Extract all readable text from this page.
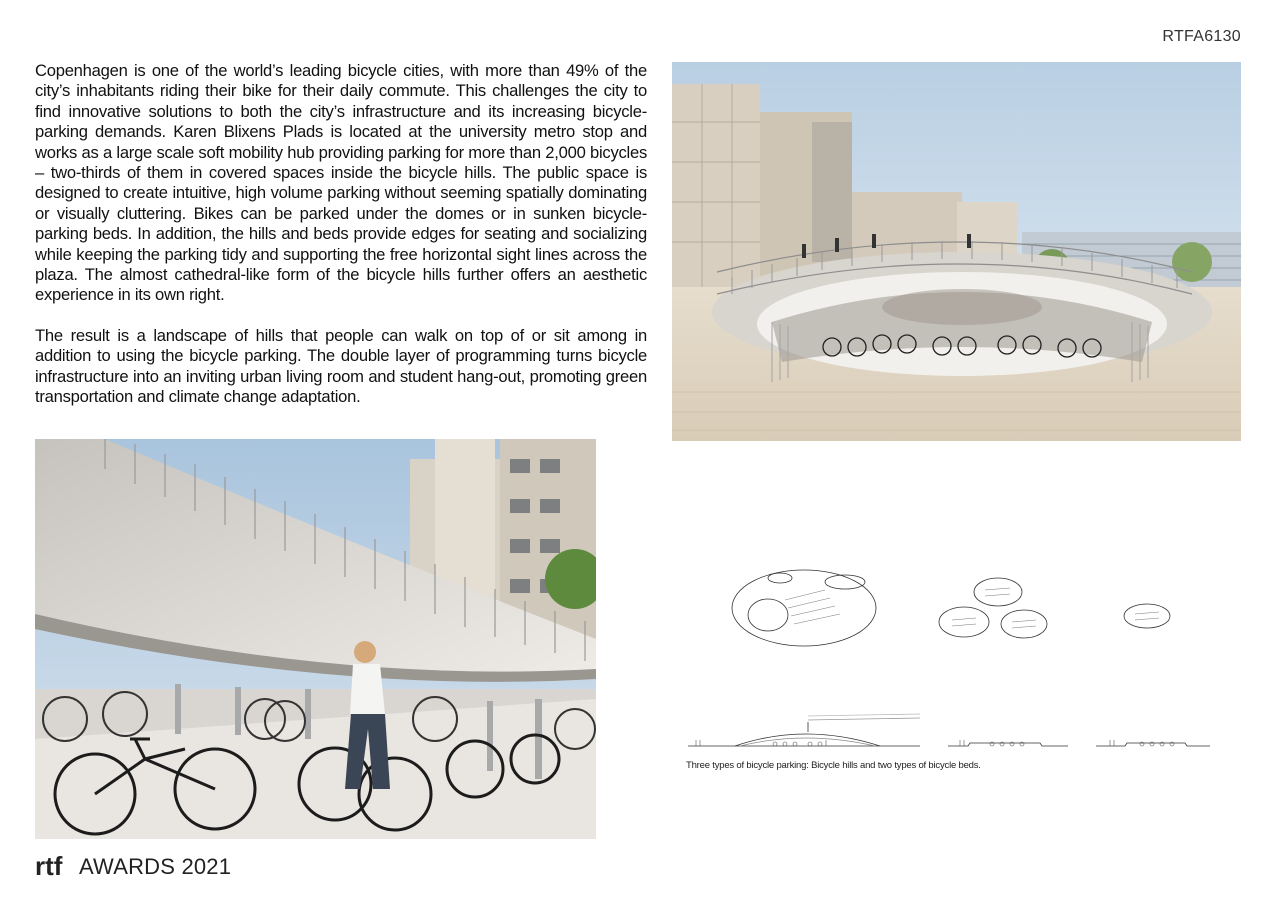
RTFA6130

Copenhagen is one of the world’s leading bicycle cities, with more than 49% of the city’s inhabitants riding their bike for their daily commute. This challenges the city to find innovative solutions to both the city’s infrastructure and its increasing bicycle-parking demands. Karen Blixens Plads is located at the university metro stop and works as a large scale soft mobility hub providing parking for more than 2,000 bicycles – two-thirds of them in covered spaces inside the bicycle hills. The public space is designed to create intuitive, high volume parking without seeming spatially dominating or visually cluttering. Bikes can be parked under the domes or in sunken bicycle-parking beds. In addition, the hills and beds provide edges for seating and socializing while keeping the parking tidy and supporting the free horizontal sight lines across the plaza. The almost cathedral-like form of the bicycle hills further offers an aesthetic experience in its own right.

The result is a landscape of hills that people can walk on top of or sit among in addition to using the bicycle parking. The double layer of programming turns bicycle infrastructure into an inviting urban living room and student hang-out, promoting green transportation and climate change adaptation.

Three types of bicycle parking: Bicycle hills and two types of bicycle beds.
rtf AWARDS 2021
